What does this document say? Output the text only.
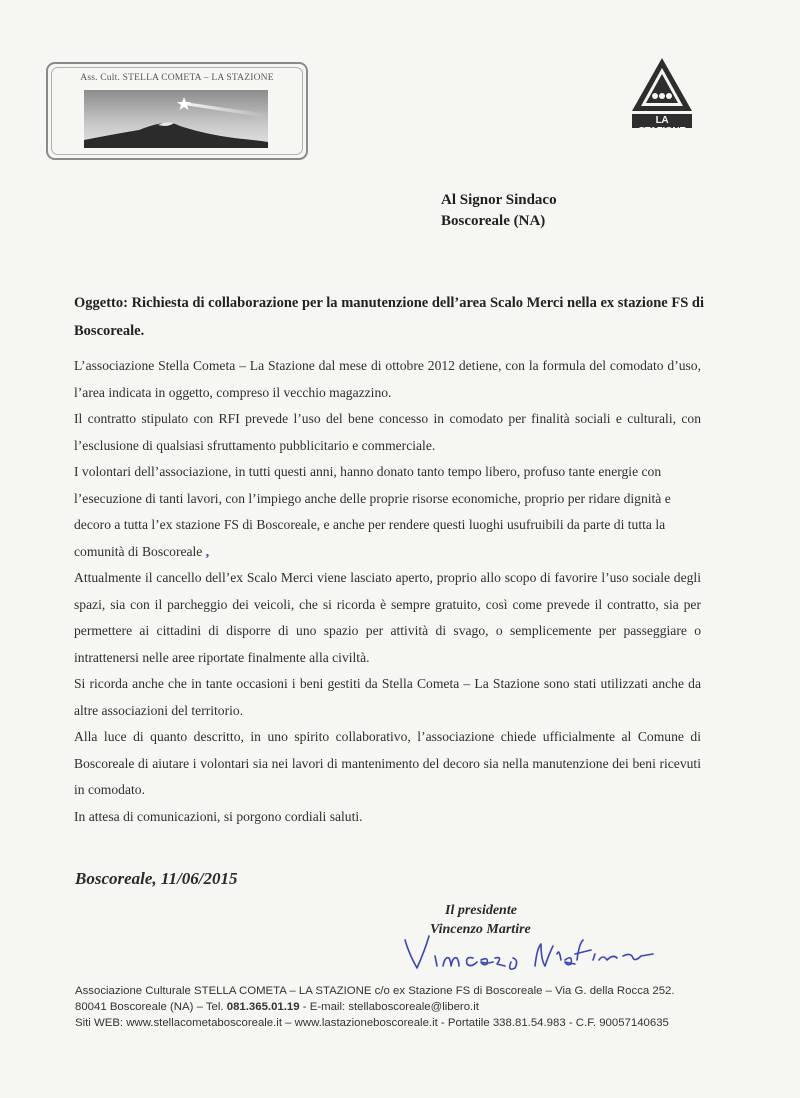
Ass. Cult. STELLA COMETA – LA STAZIONE
LA STAZIONE
Al Signor Sindaco
Boscoreale (NA)
Oggetto: Richiesta di collaborazione per la manutenzione dell’area Scalo Merci nella ex stazione FS di Boscoreale.

L’associazione Stella Cometa – La Stazione dal mese di ottobre 2012 detiene, con la formula del comodato d’uso, l’area indicata in oggetto, compreso il vecchio magazzino.

Il contratto stipulato con RFI prevede l’uso del bene concesso in comodato per finalità sociali e culturali, con l’esclusione di qualsiasi sfruttamento pubblicitario e commerciale.

I volontari dell’associazione, in tutti questi anni, hanno donato tanto tempo libero, profuso tante energie con l’esecuzione di tanti lavori, con l’impiego anche delle proprie risorse economiche, proprio per ridare dignità e decoro a tutta l’ex stazione FS di Boscoreale, e anche per rendere questi luoghi usufruibili da parte di tutta la comunità di Boscoreale ,

Attualmente il cancello dell’ex Scalo Merci viene lasciato aperto, proprio allo scopo di favorire l’uso sociale degli spazi, sia con il parcheggio dei veicoli, che si ricorda è sempre gratuito, così come prevede il contratto, sia per permettere ai cittadini di disporre di uno spazio per attività di svago, o semplicemente per passeggiare o intrattenersi nelle aree riportate finalmente alla civiltà.

Si ricorda anche che in tante occasioni i beni gestiti da Stella Cometa – La Stazione sono stati utilizzati anche da altre associazioni del territorio.

Alla luce di quanto descritto, in uno spirito collaborativo, l’associazione chiede ufficialmente al Comune di Boscoreale di aiutare i volontari sia nei lavori di mantenimento del decoro sia nella manutenzione dei beni ricevuti in comodato.

In attesa di comunicazioni, si porgono cordiali saluti.

Boscoreale, 11/06/2015
Il presidente
Vincenzo Martire
Associazione Culturale STELLA COMETA – LA STAZIONE c/o ex Stazione FS di Boscoreale – Via G. della Rocca 252.
80041 Boscoreale (NA) – Tel. 081.365.01.19 - E-mail: stellaboscoreale@libero.it
Siti WEB: www.stellacometaboscoreale.it – www.lastazioneboscoreale.it - Portatile 338.81.54.983 - C.F. 90057140635
